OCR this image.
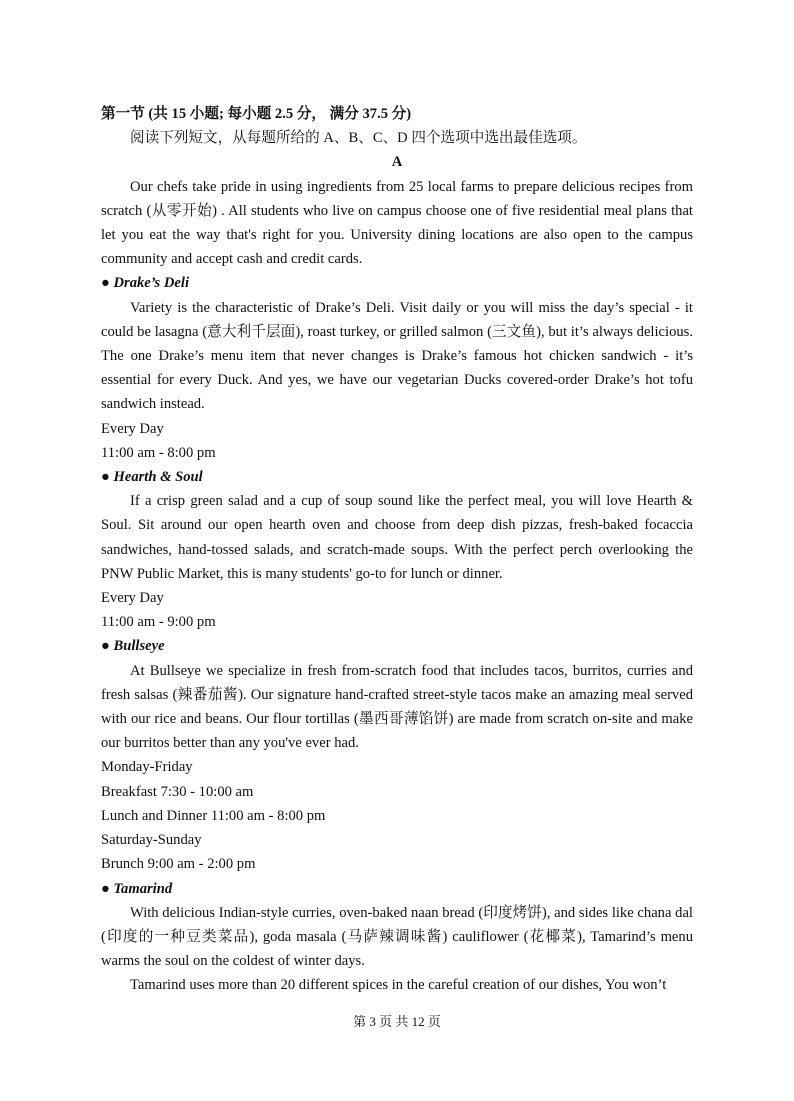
第一节 (共 15 小题; 每小题 2.5 分， 满分 37.5 分)

阅读下列短文，从每题所给的 A、B、C、D 四个选项中选出最佳选项。

A

Our chefs take pride in using ingredients from 25 local farms to prepare delicious recipes from scratch (从零开始) . All students who live on campus choose one of five residential meal plans that let you eat the way that's right for you. University dining locations are also open to the campus community and accept cash and credit cards.

● Drake’s Deli

Variety is the characteristic of Drake’s Deli. Visit daily or you will miss the day’s special - it could be lasagna (意大利千层面), roast turkey, or grilled salmon (三文鱼), but it’s always delicious. The one Drake’s menu item that never changes is Drake’s famous hot chicken sandwich - it’s essential for every Duck. And yes, we have our vegetarian Ducks covered-order Drake’s hot tofu sandwich instead.

Every Day

11:00 am - 8:00 pm

● Hearth & Soul

If a crisp green salad and a cup of soup sound like the perfect meal, you will love Hearth & Soul. Sit around our open hearth oven and choose from deep dish pizzas, fresh-baked focaccia sandwiches, hand-tossed salads, and scratch-made soups. With the perfect perch overlooking the PNW Public Market, this is many students' go-to for lunch or dinner.

Every Day

11:00 am - 9:00 pm

● Bullseye

At Bullseye we specialize in fresh from-scratch food that includes tacos, burritos, curries and fresh salsas (辣番茄酱). Our signature hand-crafted street-style tacos make an amazing meal served with our rice and beans. Our flour tortillas (墨西哥薄馅饼) are made from scratch on-site and make our burritos better than any you've ever had.

Monday-Friday

Breakfast 7:30 - 10:00 am

Lunch and Dinner 11:00 am - 8:00 pm

Saturday-Sunday

Brunch 9:00 am - 2:00 pm

● Tamarind

With delicious Indian-style curries, oven-baked naan bread (印度烤饼), and sides like chana dal (印度的一种豆类菜品), goda masala (马萨辣调味酱) cauliflower (花椰菜), Tamarind’s menu warms the soul on the coldest of winter days.

Tamarind uses more than 20 different spices in the careful creation of our dishes, You won’t

第 3 页 共 12 页
